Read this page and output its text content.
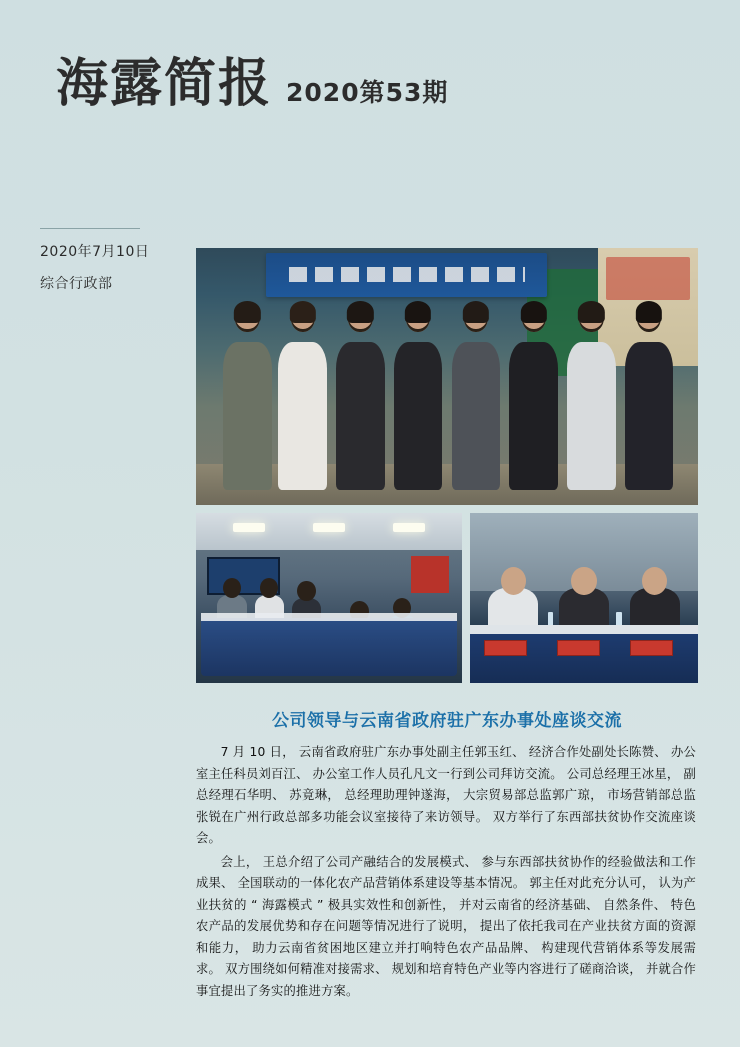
海露简报 2020第53期
2020年7月10日
综合行政部
公司领导与云南省政府驻广东办事处座谈交流

7 月 10 日， 云南省政府驻广东办事处副主任郭玉红、 经济合作处副处长陈赞、 办公室主任科员刘百江、 办公室工作人员孔凡文一行到公司拜访交流。 公司总经理王冰星， 副总经理石华明、 苏竟琳， 总经理助理钟遂海， 大宗贸易部总监郭广琼， 市场营销部总监张锐在广州行政总部多功能会议室接待了来访领导。 双方举行了东西部扶贫协作交流座谈会。

会上， 王总介绍了公司产融结合的发展模式、 参与东西部扶贫协作的经验做法和工作成果、 全国联动的一体化农产品营销体系建设等基本情况。 郭主任对此充分认可， 认为产业扶贫的 “ 海露模式 ” 极具实效性和创新性， 并对云南省的经济基础、 自然条件、 特色农产品的发展优势和存在问题等情况进行了说明， 提出了依托我司在产业扶贫方面的资源和能力， 助力云南省贫困地区建立并打响特色农产品品牌、 构建现代营销体系等发展需求。 双方围绕如何精准对接需求、 规划和培育特色产业等内容进行了磋商洽谈， 并就合作事宜提出了务实的推进方案。
